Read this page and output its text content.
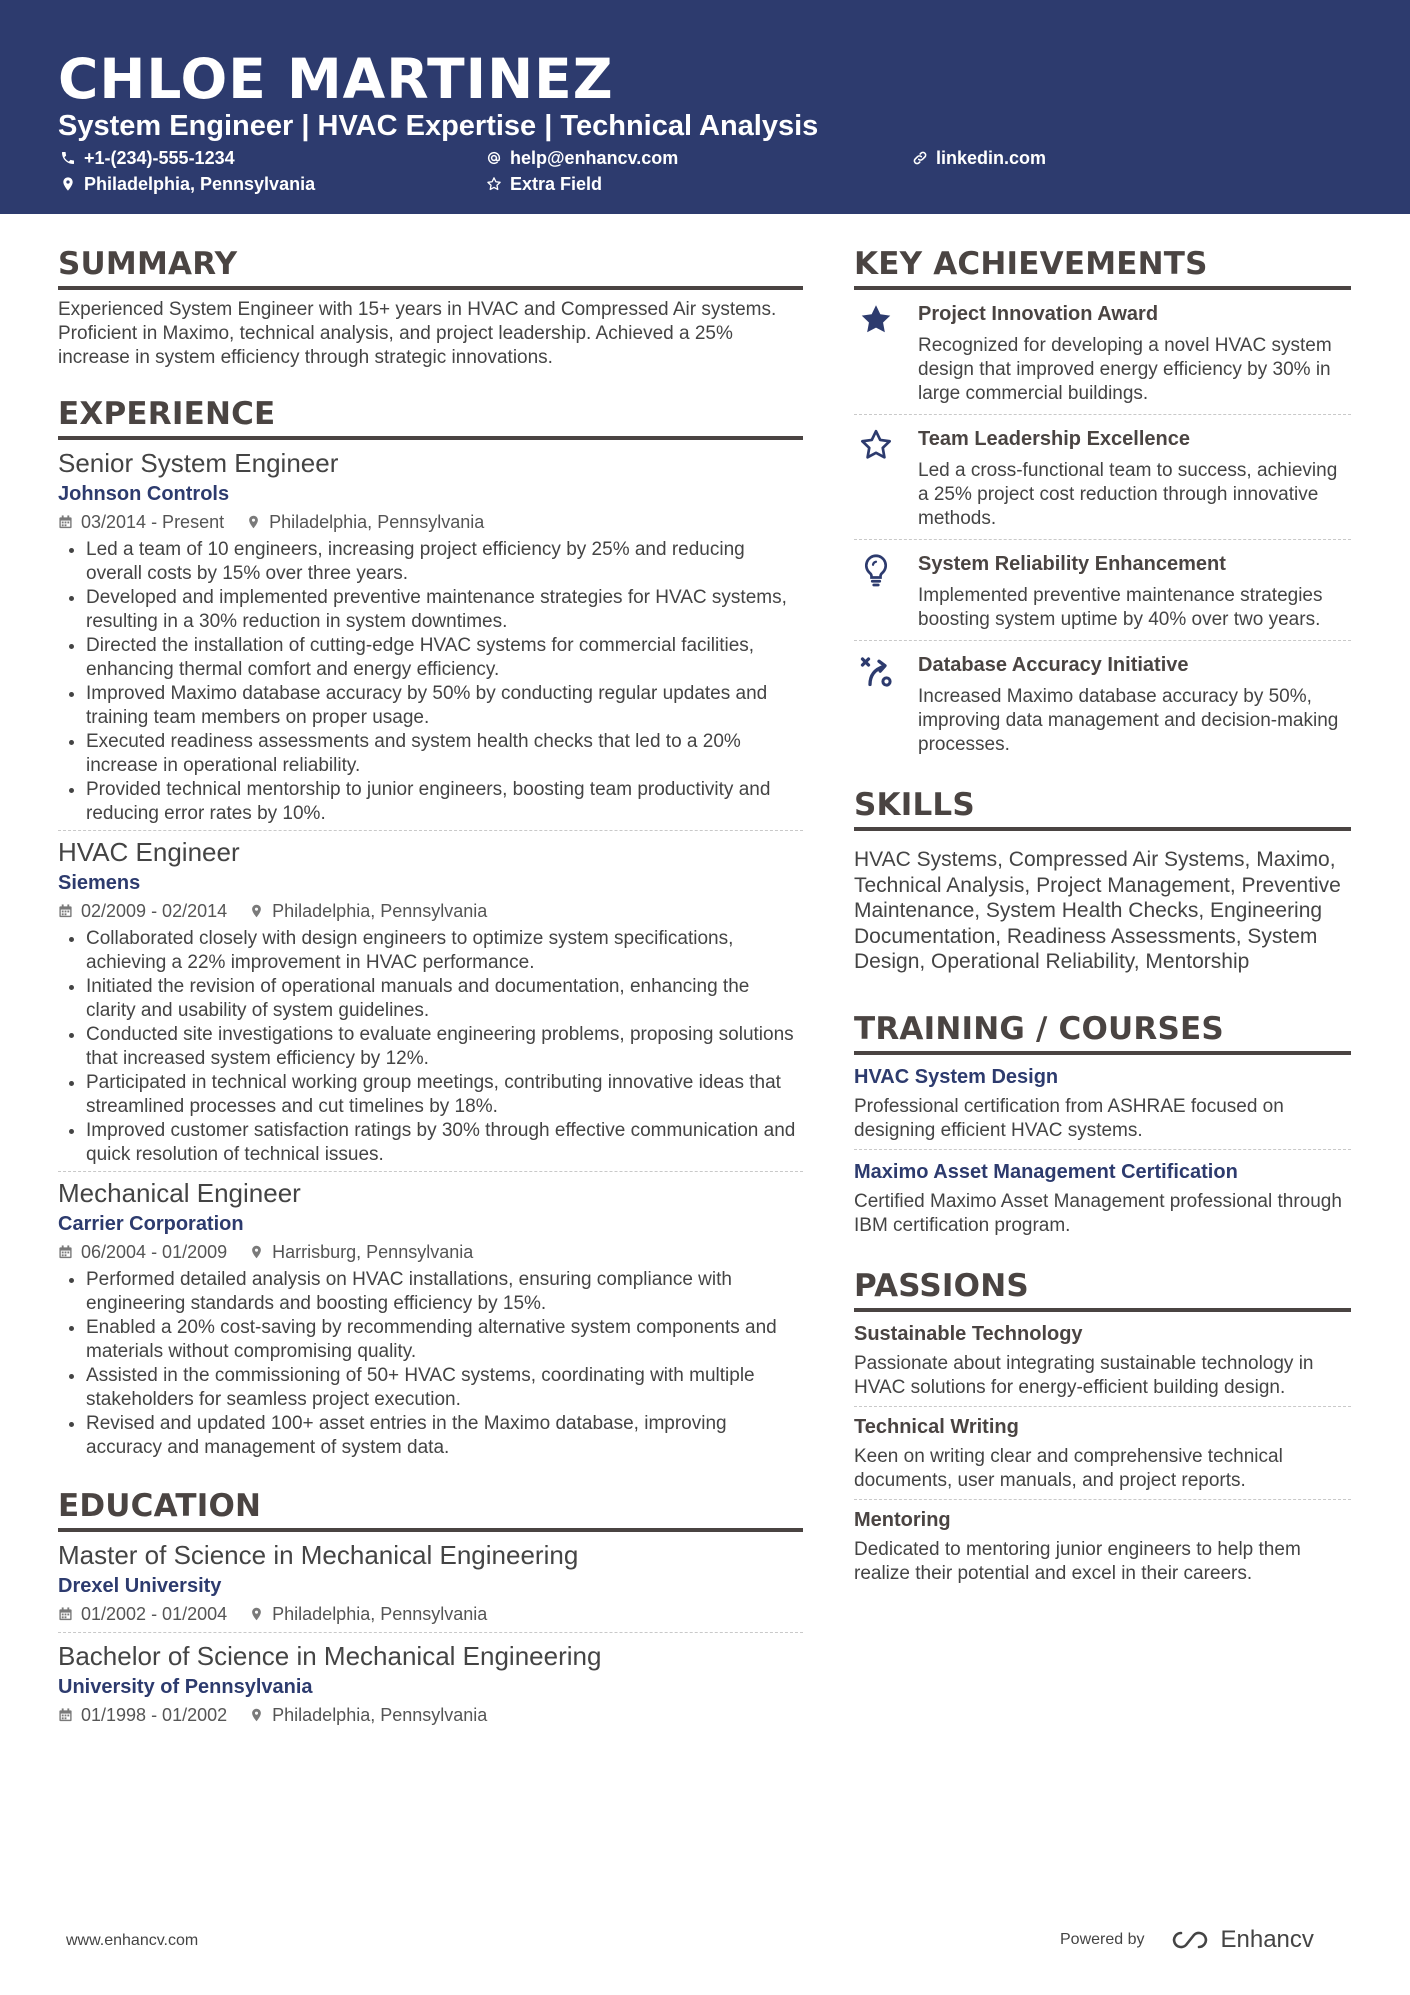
CHLOE MARTINEZ
System Engineer | HVAC Expertise | Technical Analysis
+1-(234)-555-1234	help@enhancv.com	linkedin.com
Philadelphia, Pennsylvania	Extra Field
SUMMARY

Experienced System Engineer with 15+ years in HVAC and Compressed Air systems. Proficient in Maximo, technical analysis, and project leadership. Achieved a 25% increase in system efficiency through strategic innovations.

EXPERIENCE

Senior System Engineer

Johnson Controls

03/2014 - Present	Philadelphia, Pennsylvania
• Led a team of 10 engineers, increasing project efficiency by 25% and reducing overall costs by 15% over three years.
• Developed and implemented preventive maintenance strategies for HVAC systems, resulting in a 30% reduction in system downtimes.
• Directed the installation of cutting-edge HVAC systems for commercial facilities, enhancing thermal comfort and energy efficiency.
• Improved Maximo database accuracy by 50% by conducting regular updates and training team members on proper usage.
• Executed readiness assessments and system health checks that led to a 20% increase in operational reliability.
• Provided technical mentorship to junior engineers, boosting team productivity and reducing error rates by 10%.

HVAC Engineer

Siemens

02/2009 - 02/2014	Philadelphia, Pennsylvania
• Collaborated closely with design engineers to optimize system specifications, achieving a 22% improvement in HVAC performance.
• Initiated the revision of operational manuals and documentation, enhancing the clarity and usability of system guidelines.
• Conducted site investigations to evaluate engineering problems, proposing solutions that increased system efficiency by 12%.
• Participated in technical working group meetings, contributing innovative ideas that streamlined processes and cut timelines by 18%.
• Improved customer satisfaction ratings by 30% through effective communication and quick resolution of technical issues.

Mechanical Engineer

Carrier Corporation

06/2004 - 01/2009	Harrisburg, Pennsylvania
• Performed detailed analysis on HVAC installations, ensuring compliance with engineering standards and boosting efficiency by 15%.
• Enabled a 20% cost-saving by recommending alternative system components and materials without compromising quality.
• Assisted in the commissioning of 50+ HVAC systems, coordinating with multiple stakeholders for seamless project execution.
• Revised and updated 100+ asset entries in the Maximo database, improving accuracy and management of system data.
EDUCATION

Master of Science in Mechanical Engineering

Drexel University

01/2002 - 01/2004	Philadelphia, Pennsylvania

Bachelor of Science in Mechanical Engineering

University of Pennsylvania

01/1998 - 01/2002	Philadelphia, Pennsylvania
KEY ACHIEVEMENTS

Project Innovation Award

Recognized for developing a novel HVAC system design that improved energy efficiency by 30% in large commercial buildings.

Team Leadership Excellence

Led a cross-functional team to success, achieving a 25% project cost reduction through innovative methods.

System Reliability Enhancement

Implemented preventive maintenance strategies boosting system uptime by 40% over two years.

Database Accuracy Initiative

Increased Maximo database accuracy by 50%, improving data management and decision-making processes.

SKILLS

HVAC Systems, Compressed Air Systems, Maximo, Technical Analysis, Project Management, Preventive Maintenance, System Health Checks, Engineering Documentation, Readiness Assessments, System Design, Operational Reliability, Mentorship

TRAINING / COURSES

HVAC System Design

Professional certification from ASHRAE focused on designing efficient HVAC systems.

Maximo Asset Management Certification

Certified Maximo Asset Management professional through IBM certification program.

PASSIONS

Sustainable Technology

Passionate about integrating sustainable technology in HVAC solutions for energy-efficient building design.

Technical Writing

Keen on writing clear and comprehensive technical documents, user manuals, and project reports.

Mentoring

Dedicated to mentoring junior engineers to help them realize their potential and excel in their careers.

www.enhancv.com	Powered by	Enhancv
